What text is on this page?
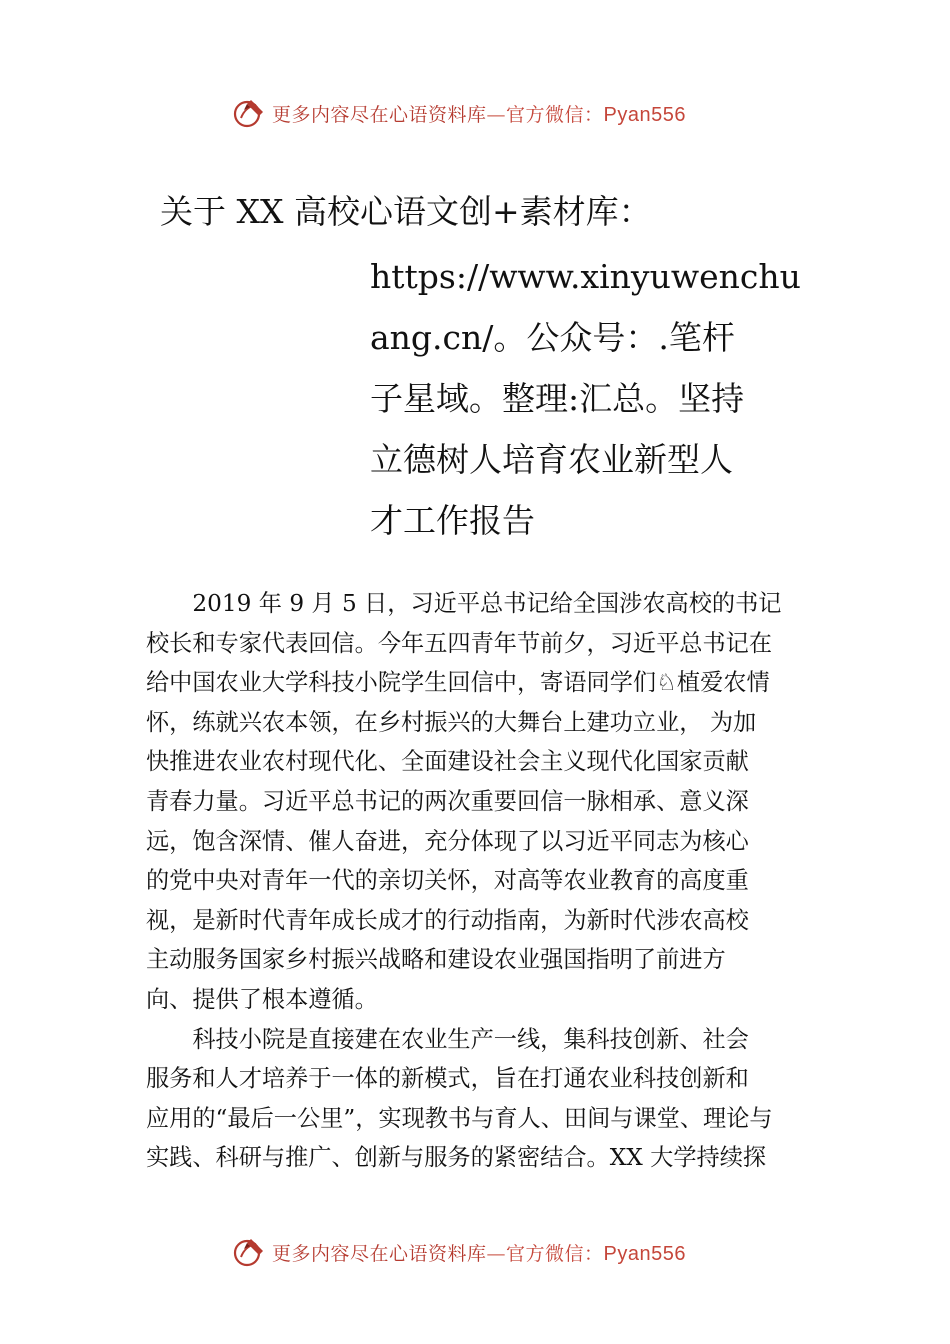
更多内容尽在心语资料库—官方微信：Pyan556
关于 XX 高校心语文创+素材库：
https://www.xinyuwenchu
ang.cn/。公众号：.笔杆
子星域。整理:汇总。坚持
立德树人培育农业新型人
才工作报告
　　2019 年 9 月 5 日，习近平总书记给全国涉农高校的书记
校长和专家代表回信。今年五四青年节前夕，习近平总书记在
给中国农业大学科技小院学生回信中，寄语同学们♘植爱农情
怀，练就兴农本领，在乡村振兴的大舞台上建功立业， 为加
快推进农业农村现代化、全面建设社会主义现代化国家贡献
青春力量。习近平总书记的两次重要回信一脉相承、意义深
远，饱含深情、催人奋进，充分体现了以习近平同志为核心
的党中央对青年一代的亲切关怀，对高等农业教育的高度重
视，是新时代青年成长成才的行动指南，为新时代涉农高校
主动服务国家乡村振兴战略和建设农业强国指明了前进方
向、提供了根本遵循。
　　科技小院是直接建在农业生产一线，集科技创新、社会
服务和人才培养于一体的新模式，旨在打通农业科技创新和
应用的“最后一公里”，实现教书与育人、田间与课堂、理论与
实践、科研与推广、创新与服务的紧密结合。XX 大学持续探
更多内容尽在心语资料库—官方微信：Pyan556
